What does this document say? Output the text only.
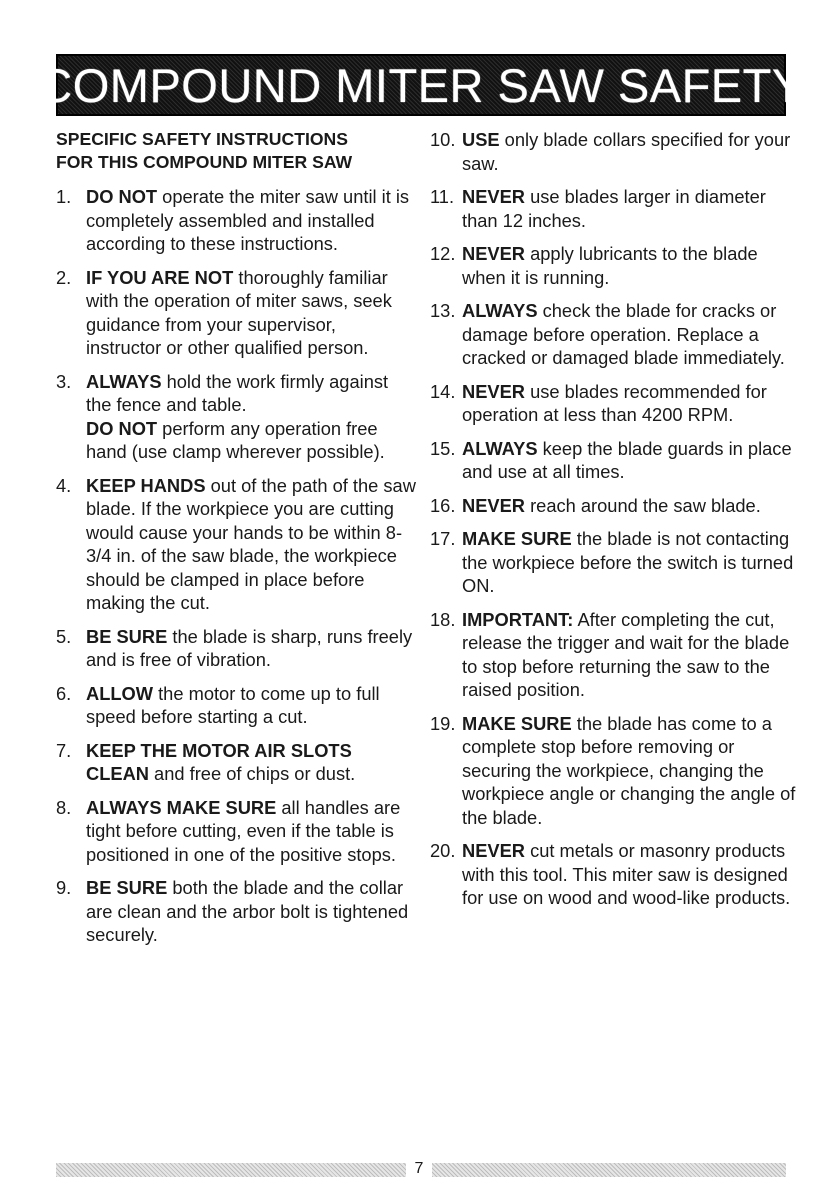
COMPOUND MITER SAW SAFETY
SPECIFIC SAFETY INSTRUCTIONS
FOR THIS COMPOUND MITER SAW
1. DO NOT operate the miter saw until it is completely assembled and installed according to these instructions.
2. IF YOU ARE NOT thoroughly familiar with the operation of miter saws, seek guidance from your supervisor, instructor or other qualified person.
3. ALWAYS hold the work firmly against the fence and table.
DO NOT perform any operation free hand (use clamp wherever possible).
4. KEEP HANDS out of the path of the saw blade. If the workpiece you are cutting would cause your hands to be within 8-3/4 in. of the saw blade, the workpiece should be clamped in place before making the cut.
5. BE SURE the blade is sharp, runs freely and is free of vibration.
6. ALLOW the motor to come up to full speed before starting a cut.
7. KEEP THE MOTOR AIR SLOTS CLEAN and free of chips or dust.
8. ALWAYS MAKE SURE all handles are tight before cutting, even if the table is positioned in one of the positive stops.
9. BE SURE both the blade and the collar are clean and the arbor bolt is tightened securely.
10. USE only blade collars specified for your saw.
11. NEVER use blades larger in diameter than 12 inches.
12. NEVER apply lubricants to the blade when it is running.
13. ALWAYS check the blade for cracks or damage before operation. Replace a cracked or damaged blade immediately.
14. NEVER use blades recommended for operation at less than 4200 RPM.
15. ALWAYS keep the blade guards in place and use at all times.
16. NEVER reach around the saw blade.
17. MAKE SURE the blade is not contacting the workpiece before the switch is turned ON.
18. IMPORTANT: After completing the cut, release the trigger and wait for the blade to stop before returning the saw to the raised position.
19. MAKE SURE the blade has come to a complete stop before removing or securing the workpiece, changing the workpiece angle or changing the angle of the blade.
20. NEVER cut metals or masonry products with this tool. This miter saw is designed for use on wood and wood-like products.
7
